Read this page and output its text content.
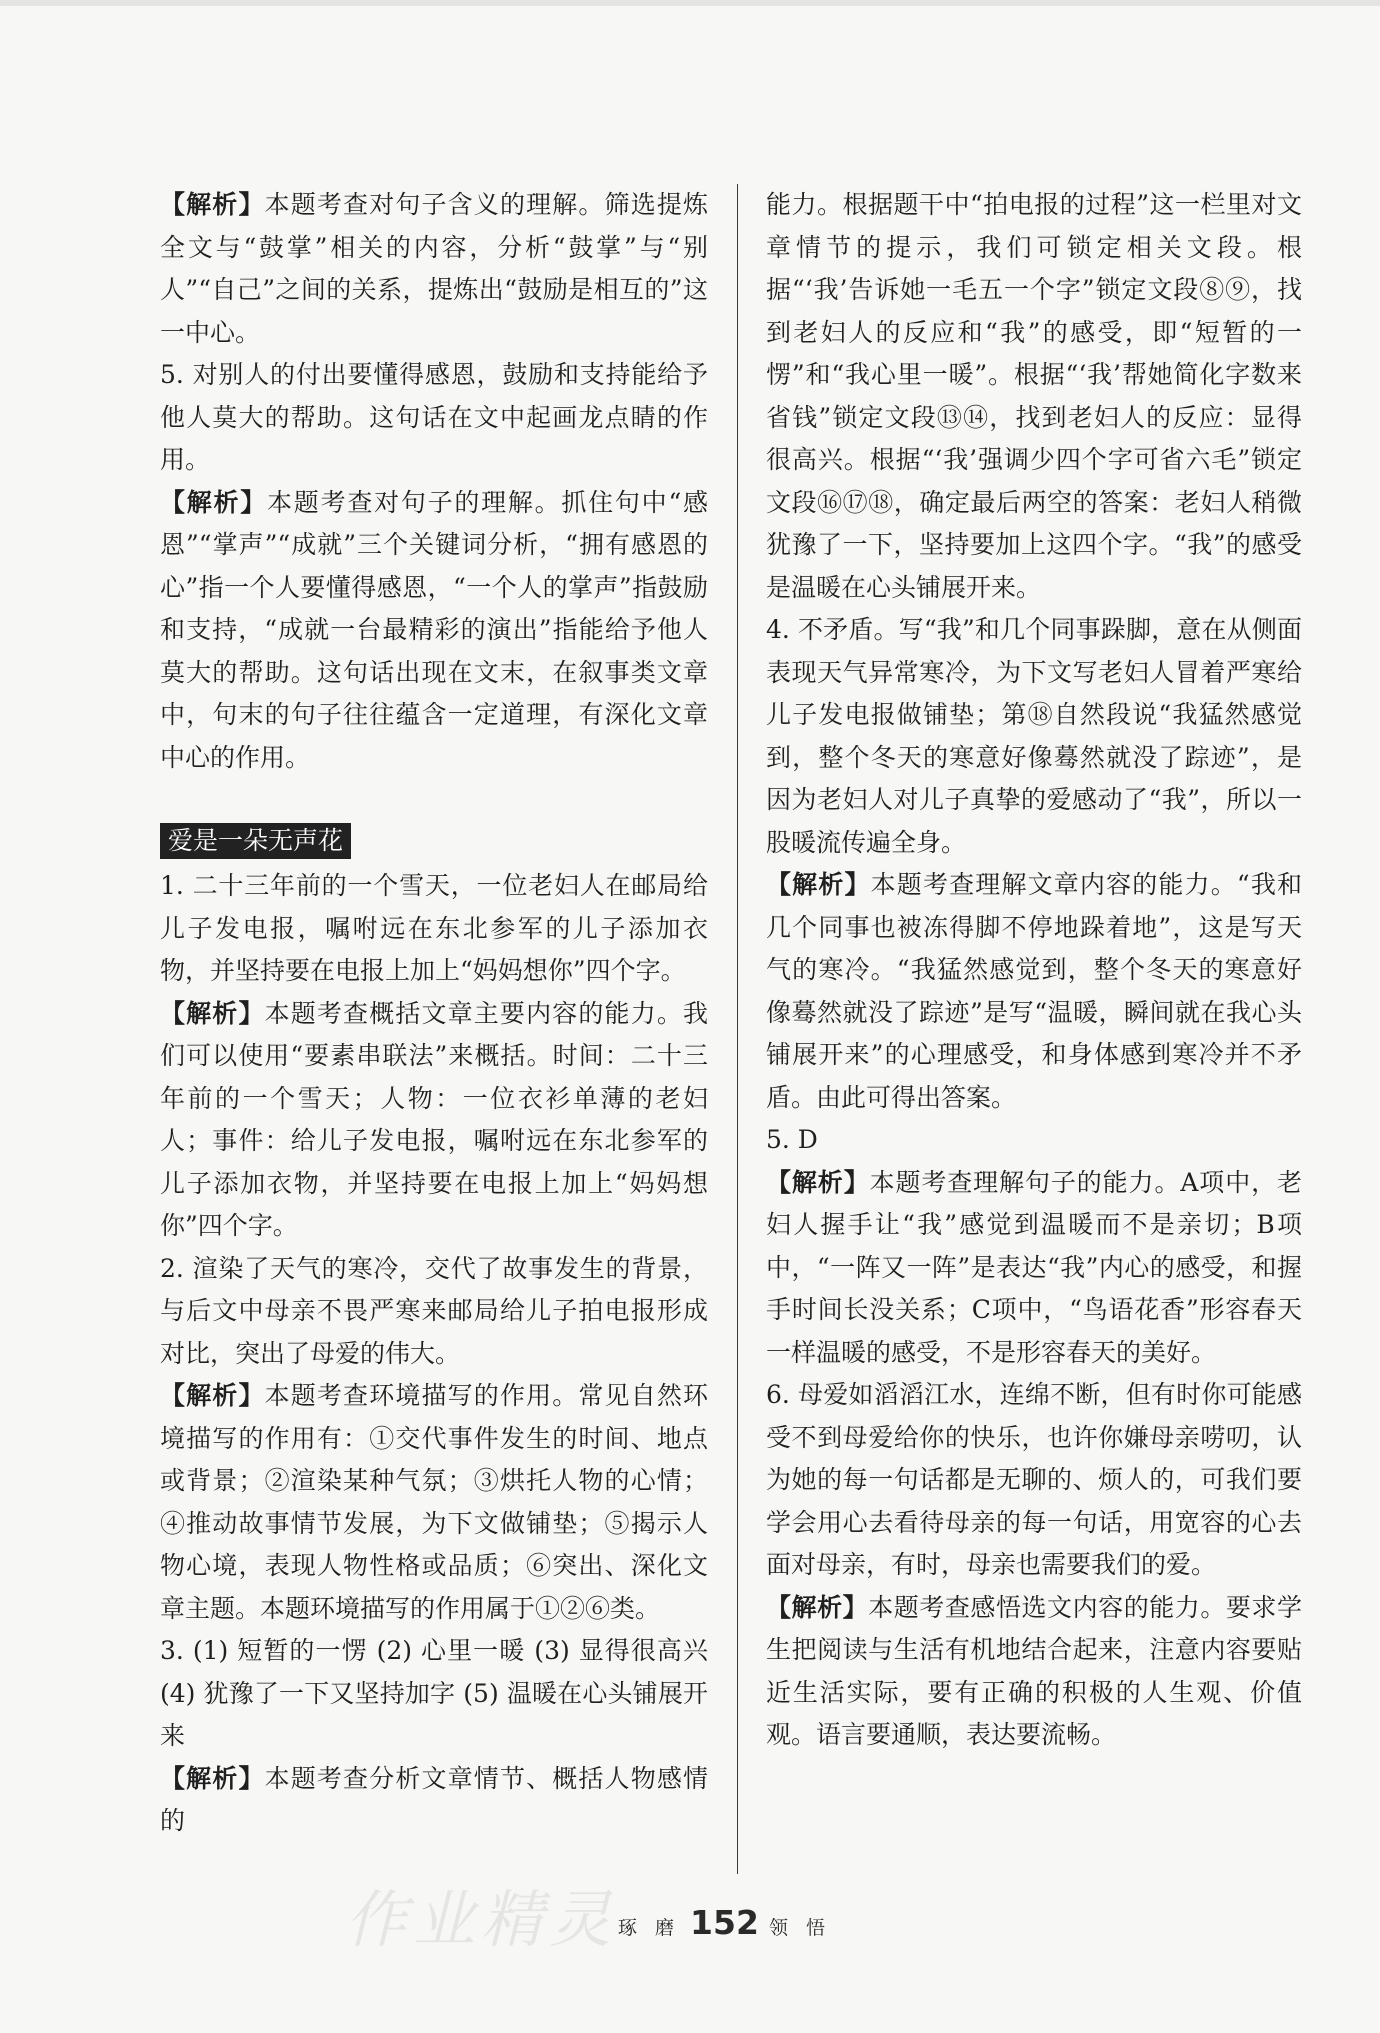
【解析】本题考查对句子含义的理解。筛选提炼全文与“鼓掌”相关的内容，分析“鼓掌”与“别人”“自己”之间的关系，提炼出“鼓励是相互的”这一中心。

5. 对别人的付出要懂得感恩，鼓励和支持能给予他人莫大的帮助。这句话在文中起画龙点睛的作用。

【解析】本题考查对句子的理解。抓住句中“感恩”“掌声”“成就”三个关键词分析，“拥有感恩的心”指一个人要懂得感恩，“一个人的掌声”指鼓励和支持，“成就一台最精彩的演出”指能给予他人莫大的帮助。这句话出现在文末，在叙事类文章中，句末的句子往往蕴含一定道理，有深化文章中心的作用。

爱是一朵无声花

1. 二十三年前的一个雪天，一位老妇人在邮局给儿子发电报，嘱咐远在东北参军的儿子添加衣物，并坚持要在电报上加上“妈妈想你”四个字。

【解析】本题考查概括文章主要内容的能力。我们可以使用“要素串联法”来概括。时间：二十三年前的一个雪天；人物：一位衣衫单薄的老妇人；事件：给儿子发电报，嘱咐远在东北参军的儿子添加衣物，并坚持要在电报上加上“妈妈想你”四个字。

2. 渲染了天气的寒冷，交代了故事发生的背景，与后文中母亲不畏严寒来邮局给儿子拍电报形成对比，突出了母爱的伟大。

【解析】本题考查环境描写的作用。常见自然环境描写的作用有：①交代事件发生的时间、地点或背景；②渲染某种气氛；③烘托人物的心情；④推动故事情节发展，为下文做铺垫；⑤揭示人物心境，表现人物性格或品质；⑥突出、深化文章主题。本题环境描写的作用属于①②⑥类。

3. (1) 短暂的一愣 (2) 心里一暖 (3) 显得很高兴 (4) 犹豫了一下又坚持加字 (5) 温暖在心头铺展开来

【解析】本题考查分析文章情节、概括人物感情的

能力。根据题干中“拍电报的过程”这一栏里对文章情节的提示，我们可锁定相关文段。根据“‘我’告诉她一毛五一个字”锁定文段⑧⑨，找到老妇人的反应和“我”的感受，即“短暂的一愣”和“我心里一暖”。根据“‘我’帮她简化字数来省钱”锁定文段⑬⑭，找到老妇人的反应：显得很高兴。根据“‘我’强调少四个字可省六毛”锁定文段⑯⑰⑱，确定最后两空的答案：老妇人稍微犹豫了一下，坚持要加上这四个字。“我”的感受是温暖在心头铺展开来。

4. 不矛盾。写“我”和几个同事跺脚，意在从侧面表现天气异常寒冷，为下文写老妇人冒着严寒给儿子发电报做铺垫；第⑱自然段说“我猛然感觉到，整个冬天的寒意好像蓦然就没了踪迹”，是因为老妇人对儿子真挚的爱感动了“我”，所以一股暖流传遍全身。

【解析】本题考查理解文章内容的能力。“我和几个同事也被冻得脚不停地跺着地”，这是写天气的寒冷。“我猛然感觉到，整个冬天的寒意好像蓦然就没了踪迹”是写“温暖，瞬间就在我心头铺展开来”的心理感受，和身体感到寒冷并不矛盾。由此可得出答案。

5. D

【解析】本题考查理解句子的能力。A项中，老妇人握手让“我”感觉到温暖而不是亲切；B项中，“一阵又一阵”是表达“我”内心的感受，和握手时间长没关系；C项中，“鸟语花香”形容春天一样温暖的感受，不是形容春天的美好。

6. 母爱如滔滔江水，连绵不断，但有时你可能感受不到母爱给你的快乐，也许你嫌母亲唠叨，认为她的每一句话都是无聊的、烦人的，可我们要学会用心去看待母亲的每一句话，用宽容的心去面对母亲，有时，母亲也需要我们的爱。

【解析】本题考查感悟选文内容的能力。要求学生把阅读与生活有机地结合起来，注意内容要贴近生活实际，要有正确的积极的人生观、价值观。语言要通顺，表达要流畅。

作业精灵 琢 磨 152 领 悟
